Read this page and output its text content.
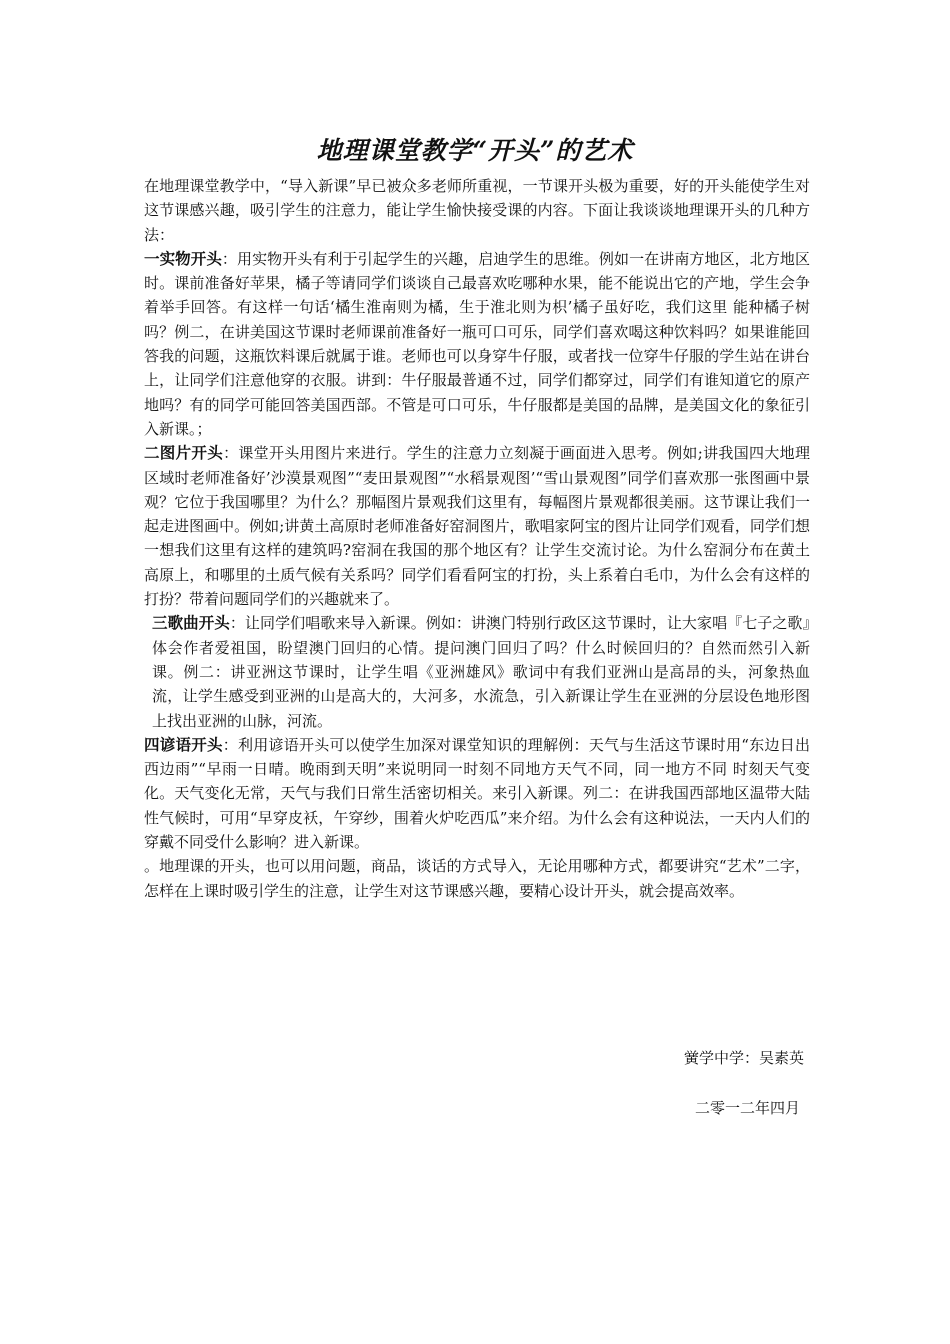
地理课堂教学“开头”的艺术

在地理课堂教学中，“导入新课”早已被众多老师所重视，一节课开头极为重要，好的开头能使学生对这节课感兴趣，吸引学生的注意力，能让学生愉快接受课的内容。下面让我谈谈地理课开头的几种方法：

一实物开头：用实物开头有利于引起学生的兴趣，启迪学生的思维。例如一在讲南方地区，北方地区时。课前准备好苹果，橘子等请同学们谈谈自己最喜欢吃哪种水果，能不能说出它的产地，学生会争着举手回答。有这样一句话‘橘生淮南则为橘，生于淮北则为枳’橘子虽好吃，我们这里 能种橘子树吗？例二，在讲美国这节课时老师课前准备好一瓶可口可乐，同学们喜欢喝这种饮料吗？如果谁能回答我的问题，这瓶饮料课后就属于谁。老师也可以身穿牛仔服，或者找一位穿牛仔服的学生站在讲台上，让同学们注意他穿的衣服。讲到：牛仔服最普通不过，同学们都穿过，同学们有谁知道它的原产地吗？有的同学可能回答美国西部。不管是可口可乐，牛仔服都是美国的品牌，是美国文化的象征引入新课。；

二图片开头：课堂开头用图片来进行。学生的注意力立刻凝于画面进入思考。例如;讲我国四大地理区域时老师准备好’沙漠景观图”“麦田景观图”“水稻景观图’“雪山景观图”同学们喜欢那一张图画中景观？它位于我国哪里？为什么？那幅图片景观我们这里有，每幅图片景观都很美丽。这节课让我们一起走进图画中。例如;讲黄土高原时老师准备好窑洞图片，歌唱家阿宝的图片让同学们观看，同学们想一想我们这里有这样的建筑吗?窑洞在我国的那个地区有？让学生交流讨论。为什么窑洞分布在黄土高原上，和哪里的土质气候有关系吗？同学们看看阿宝的打扮，头上系着白毛巾，为什么会有这样的打扮？带着问题同学们的兴趣就来了。

三歌曲开头：让同学们唱歌来导入新课。例如：讲澳门特别行政区这节课时，让大家唱『七子之歌』体会作者爱祖国，盼望澳门回归的心情。提问澳门回归了吗？什么时候回归的？自然而然引入新课。例二：讲亚洲这节课时，让学生唱《亚洲雄风》歌词中有我们亚洲山是高昂的头，河象热血流，让学生感受到亚洲的山是高大的，大河多，水流急，引入新课让学生在亚洲的分层设色地形图上找出亚洲的山脉，河流。

四谚语开头：利用谚语开头可以使学生加深对课堂知识的理解例：天气与生活这节课时用“东边日出西边雨”“早雨一日晴。晚雨到天明”来说明同一时刻不同地方天气不同，同一地方不同 时刻天气变化。天气变化无常，天气与我们日常生活密切相关。来引入新课。列二：在讲我国西部地区温带大陆性气候时，可用“早穿皮袄，午穿纱，围着火炉吃西瓜”来介绍。为什么会有这种说法，一天内人们的穿戴不同受什么影响？进入新课。

。地理课的开头，也可以用问题，商品，谈话的方式导入，无论用哪种方式，都要讲究“艺术”二字，怎样在上课时吸引学生的注意，让学生对这节课感兴趣，要精心设计开头，就会提高效率。

黉学中学：吴素英
二零一二年四月
